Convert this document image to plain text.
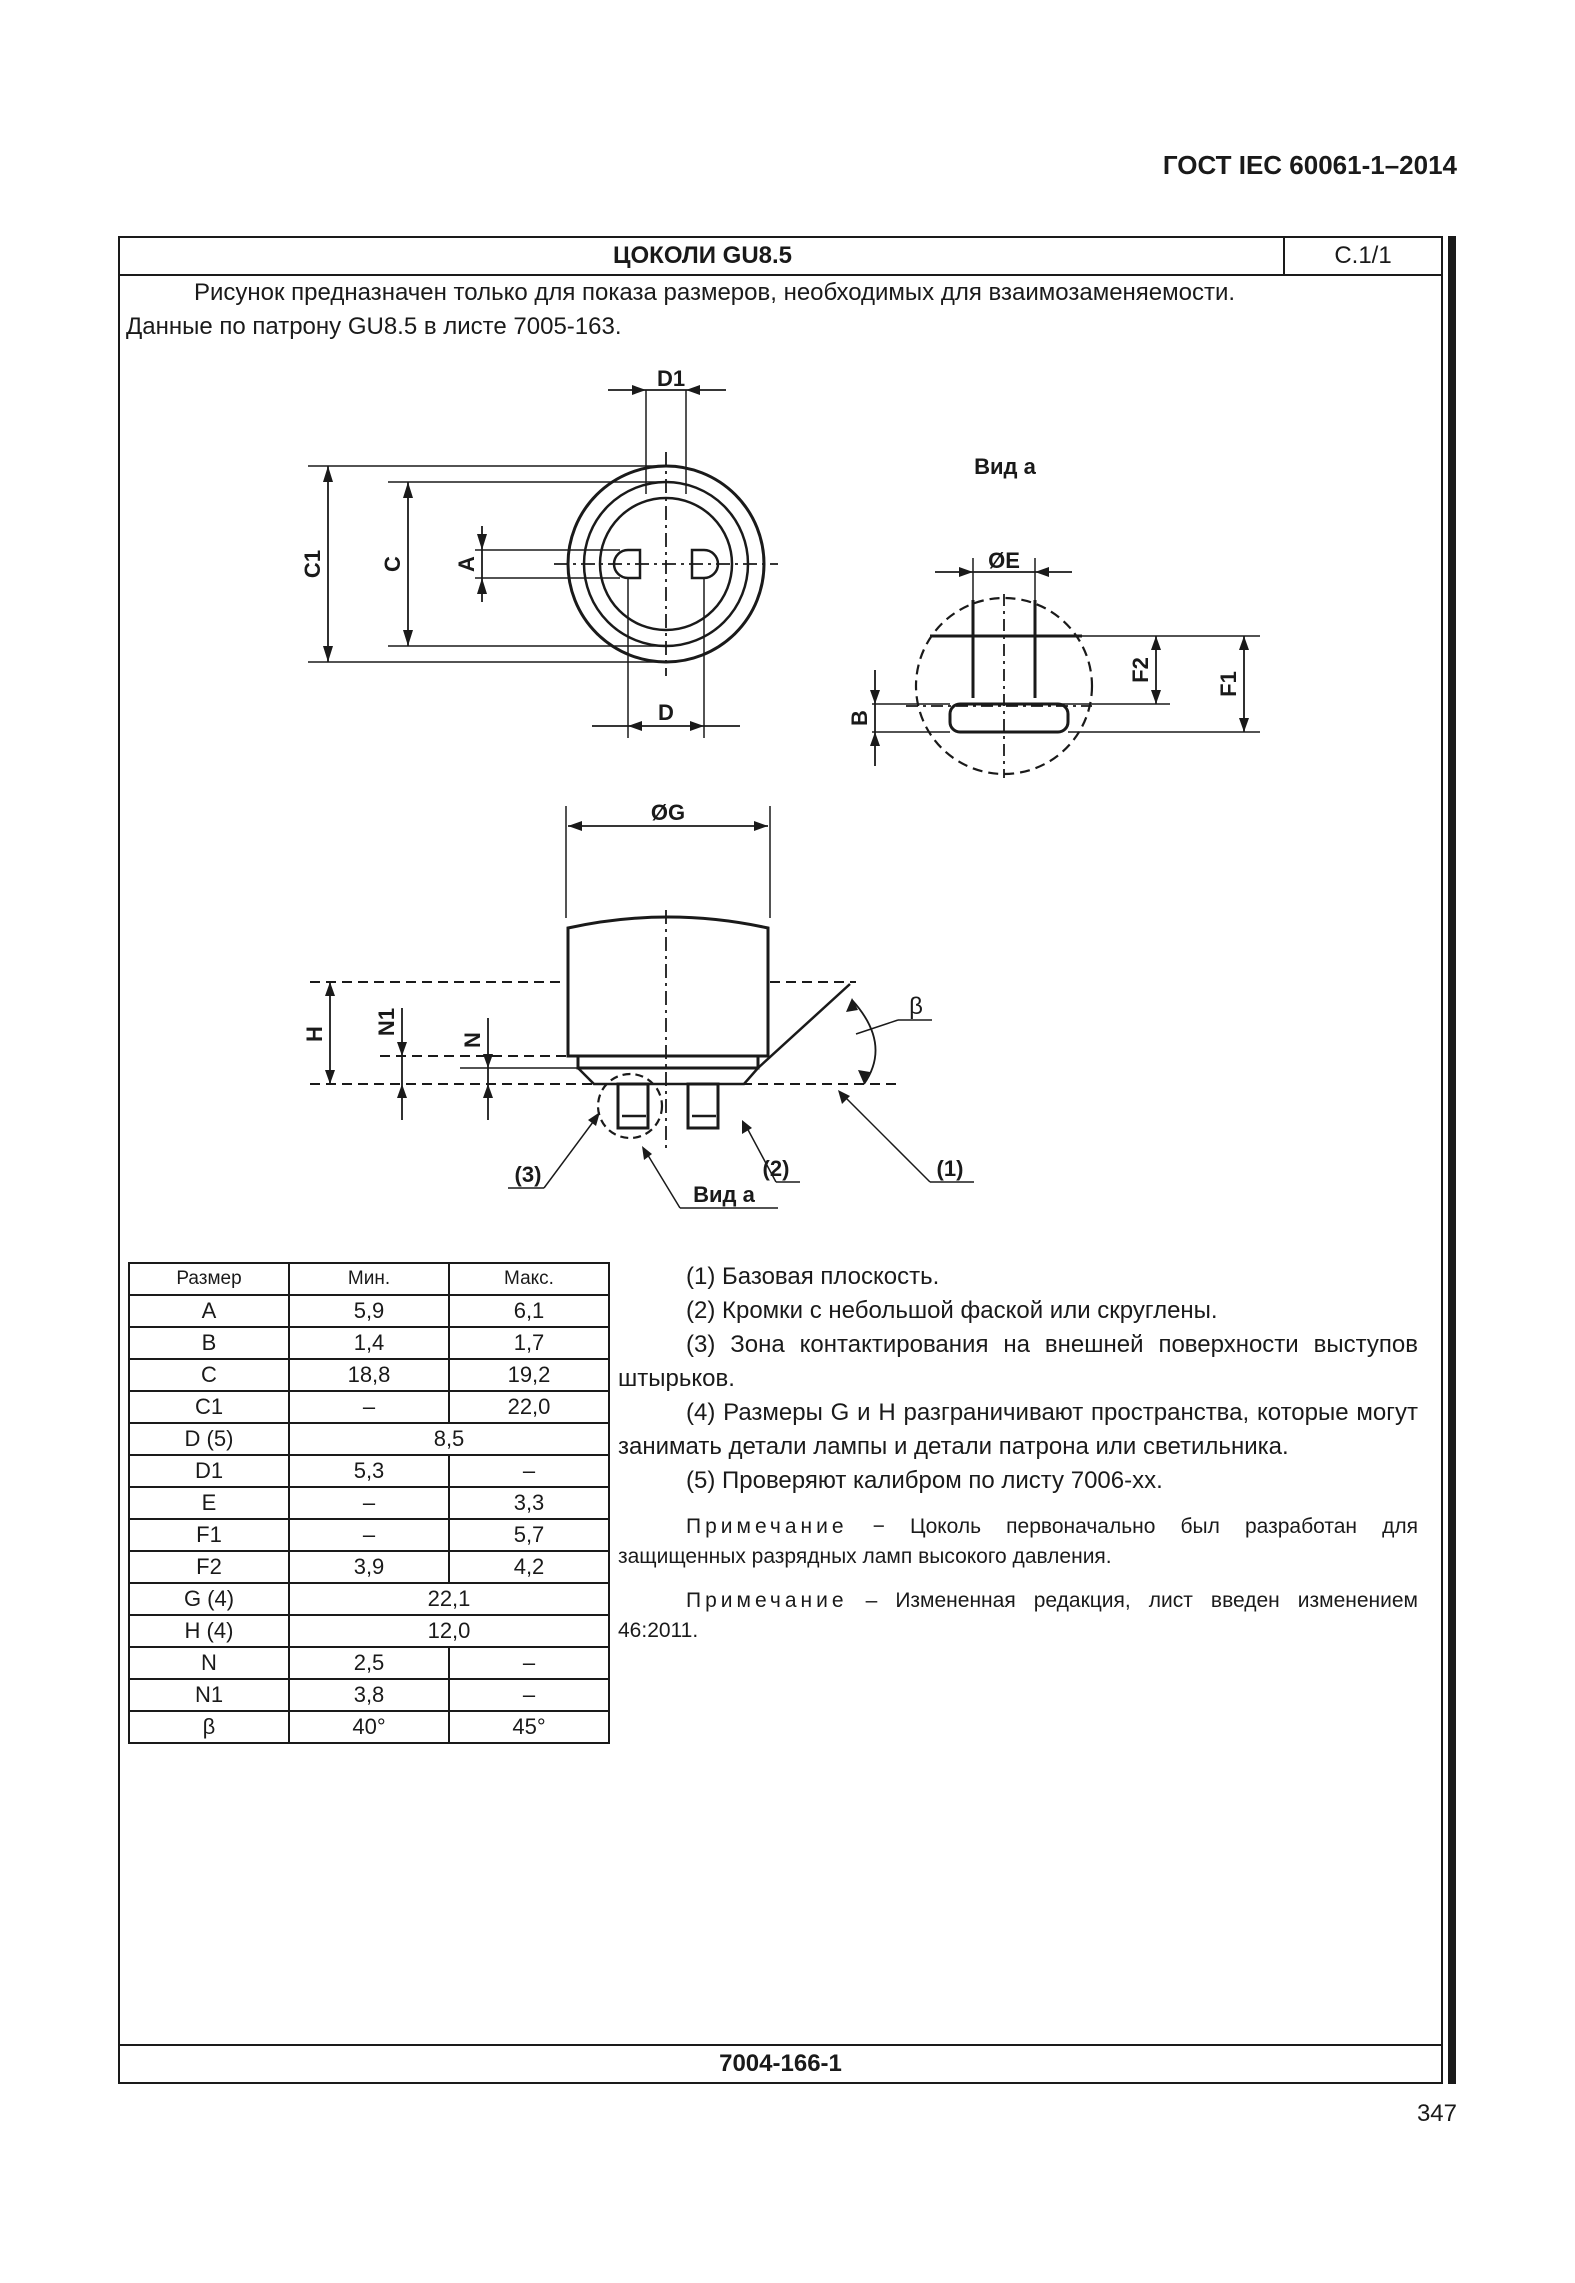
ГОСТ IEC 60061-1–2014
ЦОКОЛИ GU8.5	С.1/1

Рисунок предназначен только для показа размеров, необходимых для взаимозаменяемости.

Данные по патрону GU8.5 в листе 7005-163.
D1
C1	C A
D
Вид а
ØE
B
F2
F1
ØG
H N1
N
β
(1)
(2)
(3)
Вид а
Размер	Мин.	Макс.
A	5,9	6,1
B	1,4	1,7
C	18,8	19,2
C1	–	22,0
D (5)	8,5	
D1	5,3	–
E	–	3,3
F1	–	5,7
F2	3,9	4,2
G (4)	22,1	
H (4)	12,0	
N	2,5	–
N1	3,8	–
β	40°	45°

(1) Базовая плоскость.

(2) Кромки с небольшой фаской или скруглены.

(3) Зона контактирования на внешней поверхности выступов штырьков.

(4) Размеры G и H разграничивают пространства, которые могут занимать детали лампы и детали патрона или светильника.

(5) Проверяют калибром по листу 7006-хх.

Примечание − Цоколь первоначально был разработан для защищенных разрядных ламп высокого давления.

Примечание – Измененная редакция, лист введен изменением 46:2011.

7004-166-1
347
